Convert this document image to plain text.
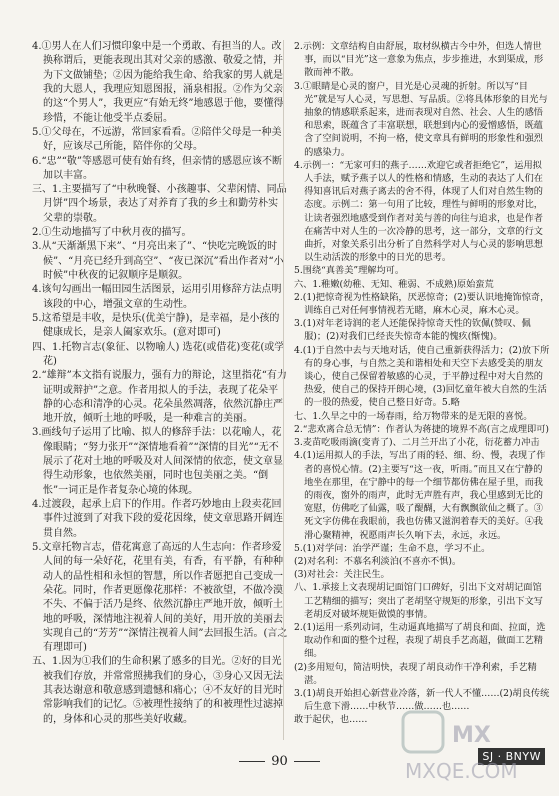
4.①男人在人们习惯印象中是一个勇敢、有担当的人。改换称谓后，更能表现出其对父亲的感激、敬爱之情，并为下文做铺垫；②因为能给我生命、给我家的男人就是我的大恩人，我理应知恩图报，涌泉相报。②作为父亲的这“个男人”，我更应“有始无终”地感恩于他，要懂得珍惜，不能让他受半点委屈。

5.①父母在，不远游，常回家看看。②陪伴父母是一种美好，应该尽己所能，陪伴你的父母。

6.“忠”“敬”等感恩可使有始有终，但亲情的感恩应该不断加以丰富。

三、1.主要描写了“中秋晚餐、小孩趣事、父辈闲情、同品月饼”四个场景，表达了对养育了我的乡土和勤劳朴实父辈的崇敬。

2.①生动地描写了中秋月夜的描写。

3.从“天渐渐黑下来”、“月亮出来了”、“快吃完晚饭的时候”、“月亮已经升到高空”、“夜已深沉”看出作者对“小时候”中秋夜的记叙顺序是顺叙。

4.该句勾画出一幅田园生活图景，运用引用修辞方法点明该段的中心，增强文章的生动性。

5.这希望是丰收，是快乐(优美宁静)，是幸福，是小孩的健康成长，是亲人阖家欢乐。(意对即可)

四、1.托物言志(象征、以物喻人) 选花(或借花)变花(或学花)

2.“雄辩”本文指有说服力，强有力的辩论，这里指花“有力证明或辩护”之意。作者用拟人的手法，表现了花朵平静的心态和清净的心灵。花朵虽然凋落，依然沉静庄严地开放，倾听土地的呼吸，是一种难言的美丽。

3.画线句子运用了比喻、拟人的修辞手法：以花喻人，花像眼睛；“努力张开”“深情地看着”“深情的目光”“无不展示了花对土地的呼吸及对人间深情的依恋，使文章显得生动形象，也依然美丽，同时也包美丽之美。“倒怅”一词正是作者复杂心境的体现。

4.过渡段，起承上启下的作用。作者巧妙地由上段卖花回事件过渡到了对我下段的爱花因缘，使文章思路开阔连贯自然。

5.文章托物言志，借花寓意了高远的人生志向：作者珍爱人间的每一朵好花，花里有美，有香，有平静，有种种动人的品性相和永恒的智慧，所以作者愿把自己变成一朵花。同时，作者更愿像花那样：不被欲望，不做冷漠不失、不偏于活乃是终、依然沉静庄严地开放，倾听土地的呼吸，深情地注视着人间的美好，用开放的美丽去实现自己的“芳芳”“深情注视着人间”去回报生活。(言之有理即可)

五、1.因为①我们的生命积累了感多的目光。②好的目光被我们存放，并常常照拂我们的身心，③身心又因无法其表达谢意和敬意感到遗憾和痛心；④不友好的目光时常影响我们的记忆。⑤被理性接纳了的和被理性过滤掉的，身体和心灵的那些美好收藏。

2.示例：文章结构自由舒展，取材纵横古今中外，但选人情世事，而以“目光”这一意象为焦点，步步推进，水到渠成，形散而神不散。

3.①眼睛是心灵的窗户，目光是心灵魂的折射。所以写“目光”就是写人心灵，写思想、写品质。②将具体形象的目光与抽象的情感联系起来，进而表现对自然、社会、人生的感悟和思索，既蕴含了丰富联想，联想到内心的爱憎感悟，既蕴含了空间说明，不拘一格，使文章具有鲜明的形象性和强烈的感染力。

4.示例一：“无家可归的燕子……欢迎它或者拒绝它”，运用拟人手法，赋予燕子以人的性格和情感，生动的表达了人们在得知喜讯后对燕子离去的舍不得，体现了人们对自然生物的态度。示例二：第一句用了比较，理性与鲜明的形象对比，让读者强烈地感受到作者对美与善的向往与追求，也是作者在痛苦中对人生的一次冷静的思考，这一部分，文章的行文曲折，对象关系引出分析了自然科学对人与心灵的影响思想以生动活泼的形象中的日光的思考。

5.围绕“真善美”理解均可。

六、1.稚嫩(幼稚、无知、稚弱、不成熟)原始蛮荒

2.(1)把惊奇视为性格缺陷，厌恶惊奇；(2)要认识地掩饰惊奇，训练自己对任何事情视若无睹，麻木心灵，麻木心灵。

3.(1)对年老诗润的老人还能保持惊奇天性的钦佩(赞叹、佩服)；(2)对我们已经丧失惊奇本能的愧疚(惭愧)。

4.(1)于自然中去与天地对话，使自己重新获得活力；(2)放下所有的身心事，与自然之美和谐相处和天空下去感受美的朋友谈心，使自己保留着敏感的心灵，于平静过程中对大自然的热爱，使自己的保持开朗心境，(3)回忆童年被大自然的生活的一股的热爱，使自己整日好奇。5.略

七、1.久旱之中的一场春雨，给万物带来的是无限的喜悦。

2.“悲欢离合总无情”：作者认为蒋捷的境界不高(言之成理即可)

3.麦苗吃吸雨滴(变青了)、二月兰开出了小花，衍花蓄力冲击

4.(1)运用拟人的手法，写出了雨的轻、细、纷、慢，表现了作者的喜悦心情。(2)主要写“这一夜，听雨。”而且又在宁静的地坐在那里，在宁静中的每一个细节都仿佛在屋子里，而我的雨夜，窗外的雨声，此时无声胜有声，我心里感到无比的宽慰，仿佛吃了仙露，吸了醍醐，大有飘飘欲仙之概了。③死文字仿佛在我眼前，我也仿佛又滋润着春天的美好。④我滑心聚精神，祝愿雨声长久响下去，永远，永远。

5.(1)对学问：治学严谨；生命不息，学习不止。

(2)对名利：不慕名利淡泊(不喜亦不惧)。

(3)对社会：关注民生。

八、1.承接上文表现胡记面馆门口碑好，引出下文对胡记面馆工艺精细的描写；突出了老胡坚守规矩的形象，引出下文写老胡反对破坏规矩做馍的事情。

2.(1)运用一系列动词，生动逼真地描写了胡良和面、拉面，选取动作和面的整个过程，表现了胡良手艺高超，做面工艺精细。

(2)多用短句，简洁明快，表现了胡良动作干净利索，手艺精湛。

3.(1)胡良开始担心新营业冷落，新一代人不懂……(2)胡良传统后生意下滑……中秋节……做……也……

敢于起伏，也……

90	SJ · BNYW
MX
MXQE.COM
